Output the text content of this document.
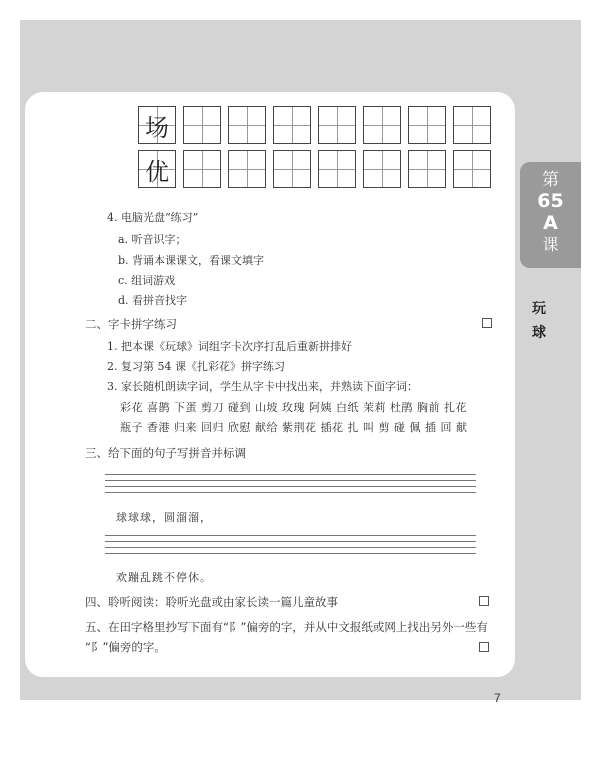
第
65
A
课
玩
球
场
优
4. 电脑光盘“练习”
a. 听音识字；
b. 背诵本课课文，看课文填字
c. 组词游戏
d. 看拼音找字
二、字卡拼字练习
1. 把本课《玩球》词组字卡次序打乱后重新拼排好
2. 复习第 54 课《扎彩花》拼字练习
3. 家长随机朗读字词，学生从字卡中找出来，并熟读下面字词：
彩花 喜鹊 下蛋 剪刀 碰到 山坡 玫瑰 阿姨 白纸 茉莉 杜鹃 胸前 扎花
瓶子 香港 归来 回归 欣慰 献给 紫荆花 插花 扎 叫 剪 碰 佩 插 回 献
三、给下面的句子写拼音并标调
球球球，圆溜溜，
欢蹦乱跳不停休。
四、聆听阅读：聆听光盘或由家长读一篇儿童故事
五、在田字格里抄写下面有“阝”偏旁的字，并从中文报纸或网上找出另外一些有
“阝”偏旁的字。
7
